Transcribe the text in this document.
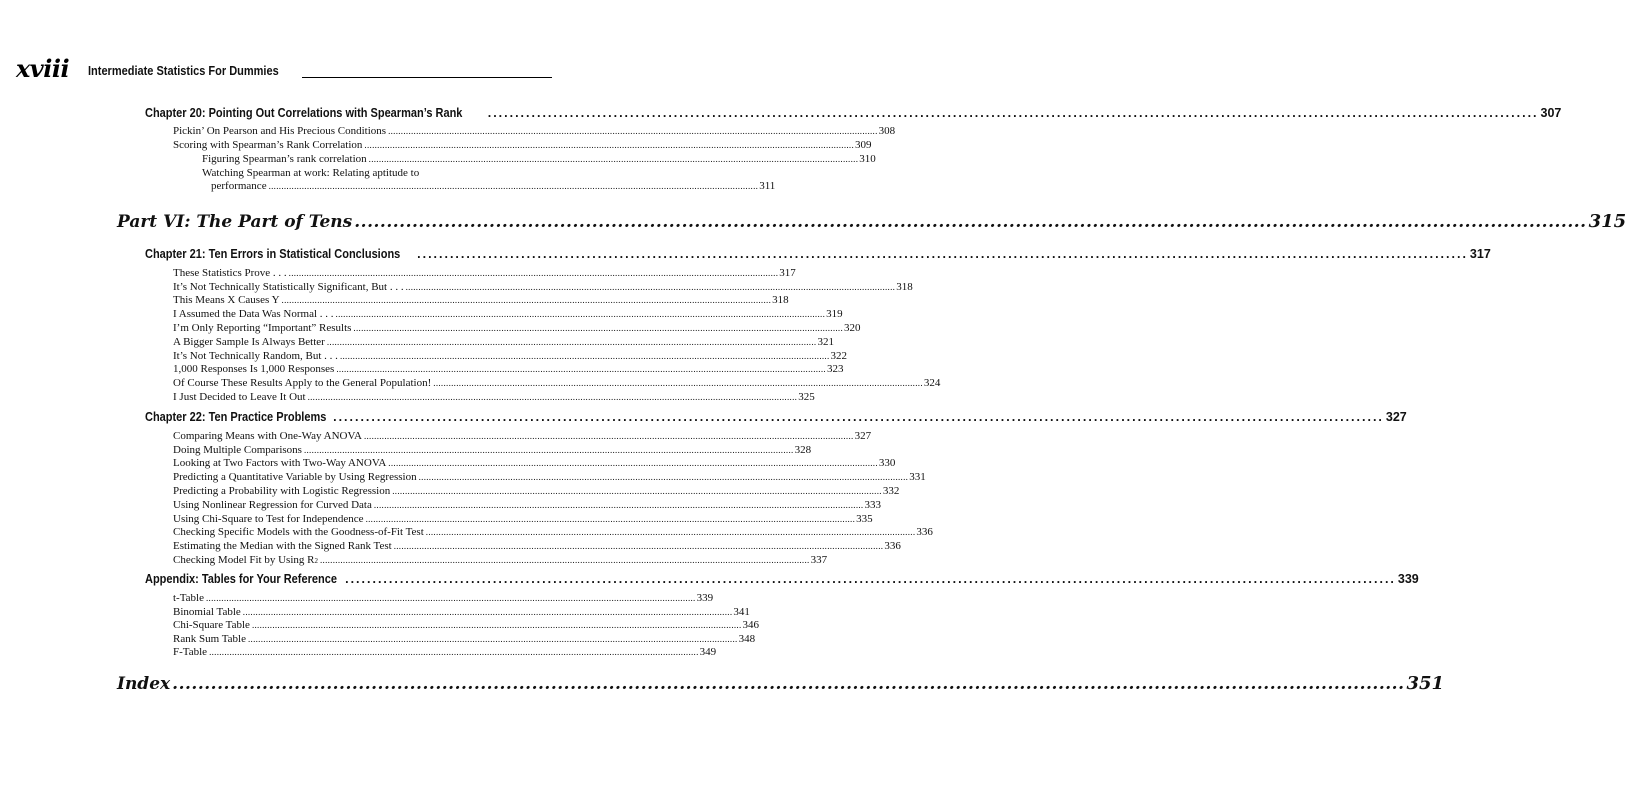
xviii Intermediate Statistics For Dummies
Chapter 20: Pointing Out Correlations with Spearman’s Rank ................................................................................................................................................................................................ 307
Pickin’ On Pearson and His Precious Conditions ................................................................................................................................................................................................ 308
Scoring with Spearman’s Rank Correlation ................................................................................................................................................................................................ 309
Figuring Spearman’s rank correlation ................................................................................................................................................................................................ 310
Watching Spearman at work: Relating aptitude to
performance ................................................................................................................................................................................................ 311
Part VI: The Part of Tens ................................................................................................................................................................................................ 315
Chapter 21: Ten Errors in Statistical Conclusions ................................................................................................................................................................................................ 317
These Statistics Prove . . . ................................................................................................................................................................................................ 317
It’s Not Technically Statistically Significant, But . . . ................................................................................................................................................................................................ 318
This Means X Causes Y ................................................................................................................................................................................................ 318
I Assumed the Data Was Normal . . . ................................................................................................................................................................................................ 319
I’m Only Reporting “Important” Results ................................................................................................................................................................................................ 320
A Bigger Sample Is Always Better ................................................................................................................................................................................................ 321
It’s Not Technically Random, But . . . ................................................................................................................................................................................................ 322
1,000 Responses Is 1,000 Responses ................................................................................................................................................................................................ 323
Of Course These Results Apply to the General Population! ................................................................................................................................................................................................ 324
I Just Decided to Leave It Out ................................................................................................................................................................................................ 325
Chapter 22: Ten Practice Problems ................................................................................................................................................................................................ 327
Comparing Means with One-Way ANOVA ................................................................................................................................................................................................ 327
Doing Multiple Comparisons ................................................................................................................................................................................................ 328
Looking at Two Factors with Two-Way ANOVA ................................................................................................................................................................................................ 330
Predicting a Quantitative Variable by Using Regression ................................................................................................................................................................................................ 331
Predicting a Probability with Logistic Regression ................................................................................................................................................................................................ 332
Using Nonlinear Regression for Curved Data ................................................................................................................................................................................................ 333
Using Chi-Square to Test for Independence ................................................................................................................................................................................................ 335
Checking Specific Models with the Goodness-of-Fit Test ................................................................................................................................................................................................ 336
Estimating the Median with the Signed Rank Test ................................................................................................................................................................................................ 336
Checking Model Fit by Using R 2 ................................................................................................................................................................................................ 337
Appendix: Tables for Your Reference ................................................................................................................................................................................................ 339
t-Table ................................................................................................................................................................................................ 339
Binomial Table ................................................................................................................................................................................................ 341
Chi-Square Table ................................................................................................................................................................................................ 346
Rank Sum Table ................................................................................................................................................................................................ 348
F-Table ................................................................................................................................................................................................ 349
Index ................................................................................................................................................................................................ 351
